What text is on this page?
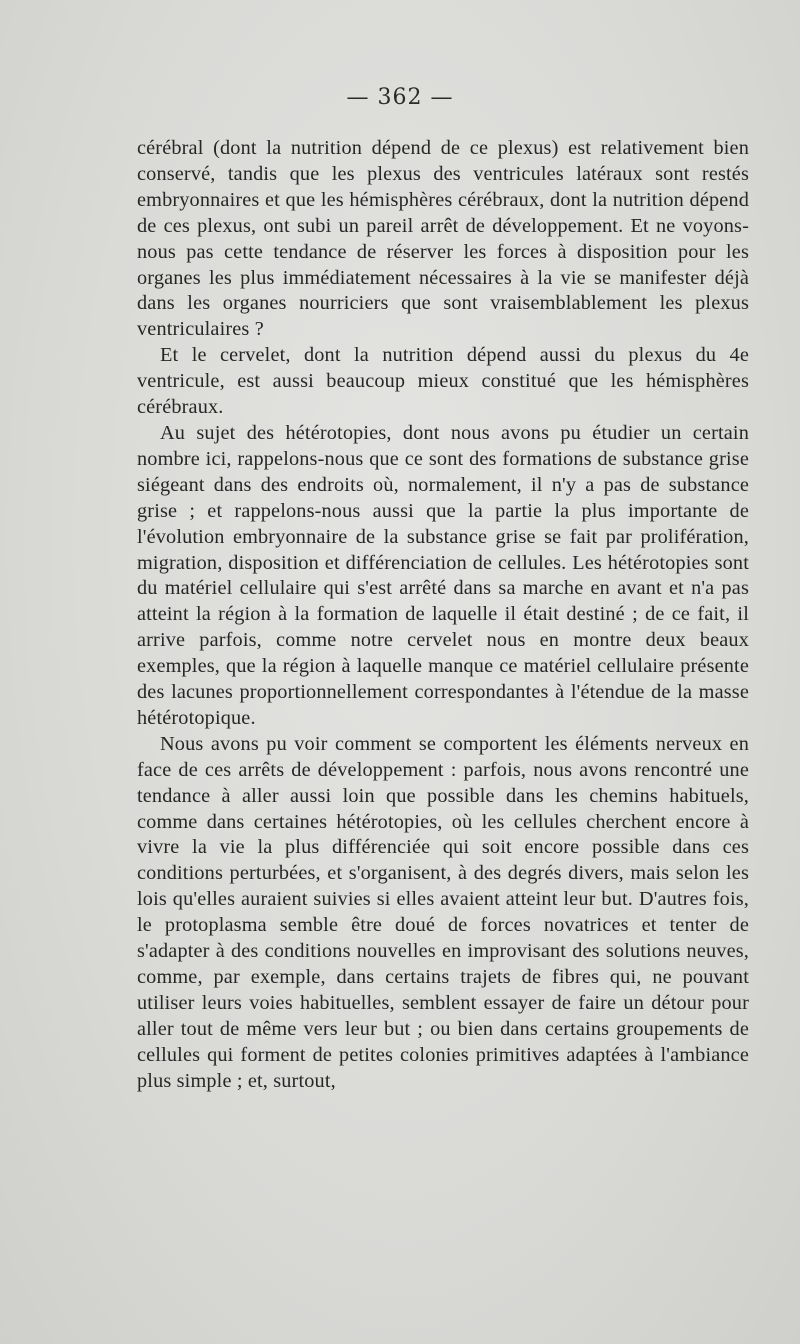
— 362 —

cérébral (dont la nutrition dépend de ce plexus) est relativement bien conservé, tandis que les plexus des ventricules latéraux sont restés embryonnaires et que les hémisphères cérébraux, dont la nutrition dépend de ces plexus, ont subi un pareil arrêt de développement. Et ne voyons-nous pas cette tendance de réserver les forces à disposition pour les organes les plus immédiatement nécessaires à la vie se manifester déjà dans les organes nourriciers que sont vraisemblablement les plexus ventriculaires ?

Et le cervelet, dont la nutrition dépend aussi du plexus du 4e ventricule, est aussi beaucoup mieux constitué que les hémisphères cérébraux.

Au sujet des hétérotopies, dont nous avons pu étudier un certain nombre ici, rappelons-nous que ce sont des formations de substance grise siégeant dans des endroits où, normalement, il n'y a pas de substance grise ; et rappelons-nous aussi que la partie la plus importante de l'évolution embryonnaire de la substance grise se fait par prolifération, migration, disposition et différenciation de cellules. Les hétérotopies sont du matériel cellulaire qui s'est arrêté dans sa marche en avant et n'a pas atteint la région à la formation de laquelle il était destiné ; de ce fait, il arrive parfois, comme notre cervelet nous en montre deux beaux exemples, que la région à laquelle manque ce matériel cellulaire présente des lacunes proportionnellement correspondantes à l'étendue de la masse hétérotopique.

Nous avons pu voir comment se comportent les éléments nerveux en face de ces arrêts de développement : parfois, nous avons rencontré une tendance à aller aussi loin que possible dans les chemins habituels, comme dans certaines hétérotopies, où les cellules cherchent encore à vivre la vie la plus différenciée qui soit encore possible dans ces conditions perturbées, et s'organisent, à des degrés divers, mais selon les lois qu'elles auraient suivies si elles avaient atteint leur but. D'autres fois, le protoplasma semble être doué de forces novatrices et tenter de s'adapter à des conditions nouvelles en improvisant des solutions neuves, comme, par exemple, dans certains trajets de fibres qui, ne pouvant utiliser leurs voies habituelles, semblent essayer de faire un détour pour aller tout de même vers leur but ; ou bien dans certains groupements de cellules qui forment de petites colonies primitives adaptées à l'ambiance plus simple ; et, surtout,
